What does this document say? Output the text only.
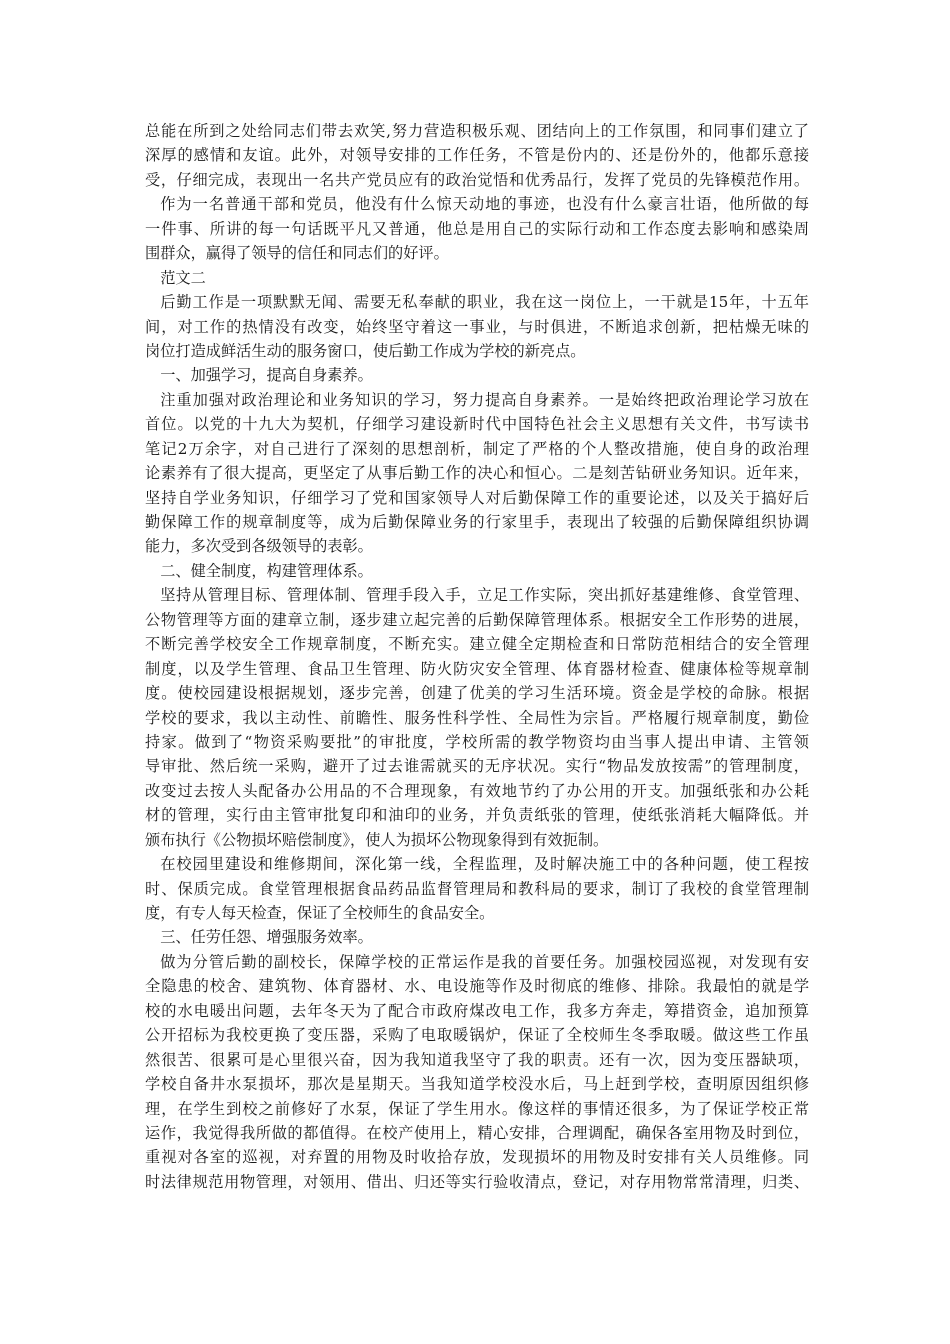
总能在所到之处给同志们带去欢笑,努力营造积极乐观、团结向上的工作氛围，和同事们建立了
深厚的感情和友谊。此外，对领导安排的工作任务，不管是份内的、还是份外的，他都乐意接
受，仔细完成，表现出一名共产党员应有的政治觉悟和优秀品行，发挥了党员的先锋模范作用。
作为一名普通干部和党员，他没有什么惊天动地的事迹，也没有什么豪言壮语，他所做的每
一件事、所讲的每一句话既平凡又普通，他总是用自己的实际行动和工作态度去影响和感染周
围群众，赢得了领导的信任和同志们的好评。
范文二
后勤工作是一项默默无闻、需要无私奉献的职业，我在这一岗位上，一干就是15年，十五年
间，对工作的热情没有改变，始终坚守着这一事业，与时俱进，不断追求创新，把枯燥无味的
岗位打造成鲜活生动的服务窗口，使后勤工作成为学校的新亮点。
一、加强学习，提高自身素养。
注重加强对政治理论和业务知识的学习，努力提高自身素养。一是始终把政治理论学习放在
首位。以党的十九大为契机，仔细学习建设新时代中国特色社会主义思想有关文件，书写读书
笔记2万余字，对自己进行了深刻的思想剖析，制定了严格的个人整改措施，使自身的政治理
论素养有了很大提高，更坚定了从事后勤工作的决心和恒心。二是刻苦钻研业务知识。近年来，
坚持自学业务知识，仔细学习了党和国家领导人对后勤保障工作的重要论述，以及关于搞好后
勤保障工作的规章制度等，成为后勤保障业务的行家里手，表现出了较强的后勤保障组织协调
能力，多次受到各级领导的表彰。
二、健全制度，构建管理体系。
坚持从管理目标、管理体制、管理手段入手，立足工作实际，突出抓好基建维修、食堂管理、
公物管理等方面的建章立制，逐步建立起完善的后勤保障管理体系。根据安全工作形势的进展，
不断完善学校安全工作规章制度，不断充实。建立健全定期检查和日常防范相结合的安全管理
制度，以及学生管理、食品卫生管理、防火防灾安全管理、体育器材检查、健康体检等规章制
度。使校园建设根据规划，逐步完善，创建了优美的学习生活环境。资金是学校的命脉。根据
学校的要求，我以主动性、前瞻性、服务性科学性、全局性为宗旨。严格履行规章制度，勤俭
持家。做到了“物资采购要批”的审批度，学校所需的教学物资均由当事人提出申请、主管领
导审批、然后统一采购，避开了过去谁需就买的无序状况。实行“物品发放按需”的管理制度，
改变过去按人头配备办公用品的不合理现象，有效地节约了办公用的开支。加强纸张和办公耗
材的管理，实行由主管审批复印和油印的业务，并负责纸张的管理，使纸张消耗大幅降低。并
颁布执行《公物损坏赔偿制度》，使人为损坏公物现象得到有效扼制。
在校园里建设和维修期间，深化第一线，全程监理，及时解决施工中的各种问题，使工程按
时、保质完成。食堂管理根据食品药品监督管理局和教科局的要求，制订了我校的食堂管理制
度，有专人每天检查，保证了全校师生的食品安全。
三、任劳任怨、增强服务效率。
做为分管后勤的副校长，保障学校的正常运作是我的首要任务。加强校园巡视，对发现有安
全隐患的校舍、建筑物、体育器材、水、电设施等作及时彻底的维修、排除。我最怕的就是学
校的水电暖出问题，去年冬天为了配合市政府煤改电工作，我多方奔走，筹措资金，追加预算
公开招标为我校更换了变压器，采购了电取暖锅炉，保证了全校师生冬季取暖。做这些工作虽
然很苦、很累可是心里很兴奋，因为我知道我坚守了我的职责。还有一次，因为变压器缺项，
学校自备井水泵损坏，那次是星期天。当我知道学校没水后，马上赶到学校，查明原因组织修
理，在学生到校之前修好了水泵，保证了学生用水。像这样的事情还很多，为了保证学校正常
运作，我觉得我所做的都值得。在校产使用上，精心安排，合理调配，确保各室用物及时到位，
重视对各室的巡视，对弃置的用物及时收拾存放，发现损坏的用物及时安排有关人员维修。同
时法律规范用物管理，对领用、借出、归还等实行验收清点，登记，对存用物常常清理，归类、
